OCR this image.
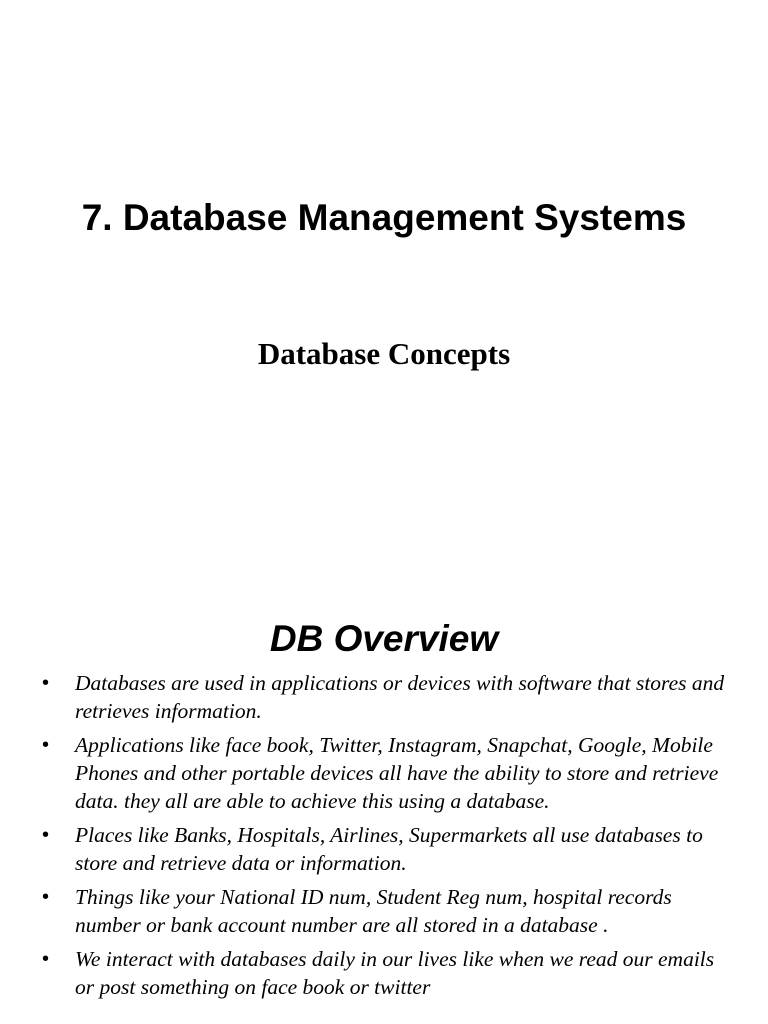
7. Database Management Systems
Database Concepts
DB Overview
• Databases are used in applications or devices with software that stores and retrieves information.
• Applications like face book, Twitter, Instagram, Snapchat, Google, Mobile Phones and other portable devices all have the ability to store and retrieve data. they all are able to achieve this using a database.
• Places like Banks, Hospitals, Airlines, Supermarkets all use databases to store and retrieve data or information.
• Things like your National ID num, Student Reg num, hospital records number or bank account number are all stored in a database .
• We interact with databases daily in our lives like when we read our emails or post something on face book or twitter
